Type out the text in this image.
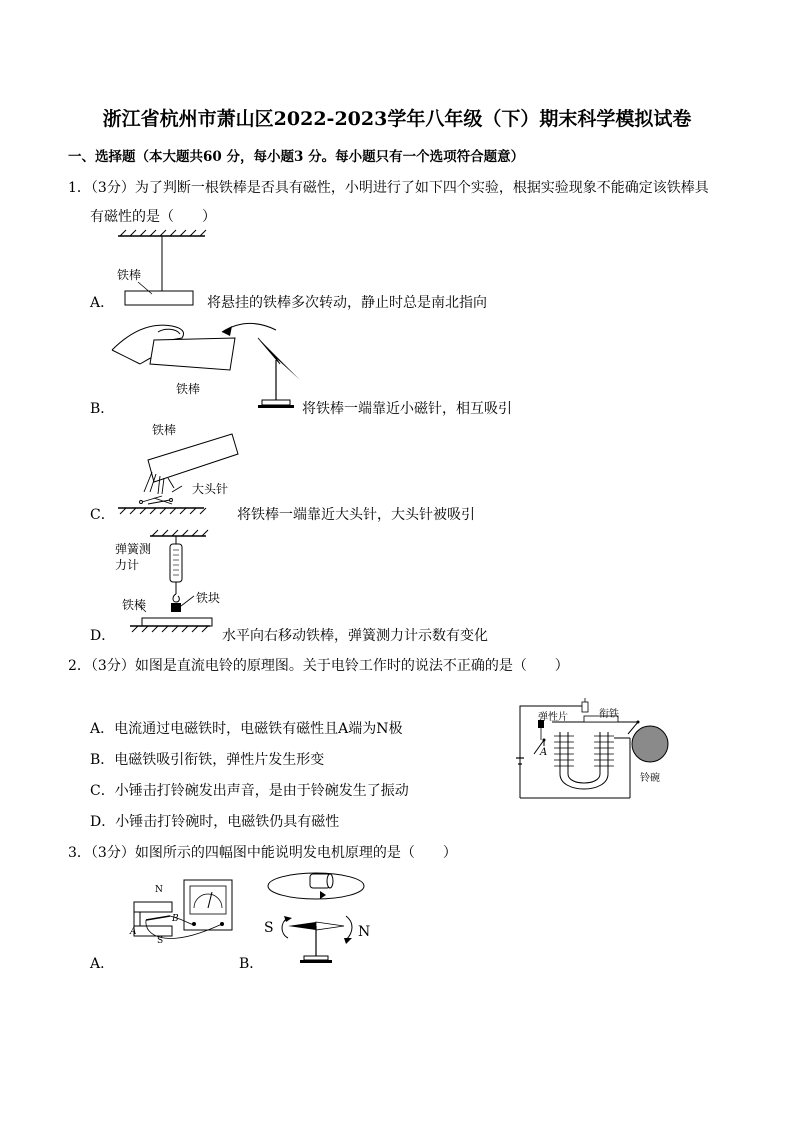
浙江省杭州市萧山区2022-2023学年八年级（下）期末科学模拟试卷
一、选择题（本大题共60 分，每小题3 分。每小题只有一个选项符合题意）
1．（3分）为了判断一根铁棒是否具有磁性，小明进行了如下四个实验，根据实验现象不能确定该铁棒具
有磁性的是（　　）
铁棒
A．	将悬挂的铁棒多次转动，静止时总是南北指向
铁棒
B．	将铁棒一端靠近小磁针，相互吸引
铁棒
大头针
C．	将铁棒一端靠近大头针，大头针被吸引
弹簧测
力计
铁块
铁棒
D．	水平向右移动铁棒，弹簧测力计示数有变化
2．（3分）如图是直流电铃的原理图。关于电铃工作时的说法不正确的是（　　）
A．电流通过电磁铁时，电磁铁有磁性且A端为N极
B．电磁铁吸引衔铁，弹性片发生形变
C．小锤击打铃碗发出声音，是由于铃碗发生了振动
D．小锤击打铃碗时，电磁铁仍具有磁性
弹性片	衔铁
A
铃碗
3．（3分）如图所示的四幅图中能说明发电机原理的是（　　）
N
B
A
S
A．
S	N
B．
